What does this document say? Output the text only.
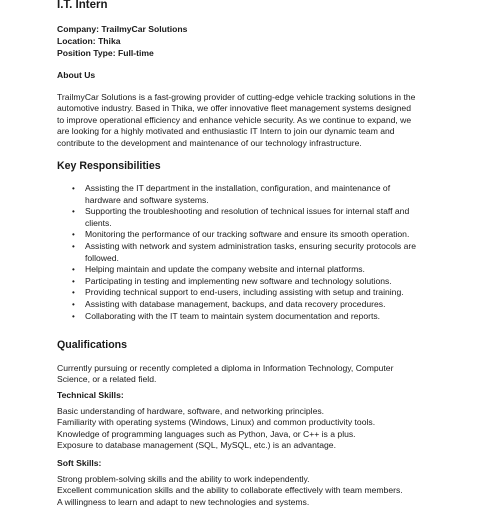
I.T. Intern
Company: TrailmyCar Solutions
Location: Thika
Position Type: Full-time
About Us
TrailmyCar Solutions is a fast-growing provider of cutting-edge vehicle tracking solutions in the
automotive industry. Based in Thika, we offer innovative fleet management systems designed
to improve operational efficiency and enhance vehicle security. As we continue to expand, we
are looking for a highly motivated and enthusiastic IT Intern to join our dynamic team and
contribute to the development and maintenance of our technology infrastructure.
Key Responsibilities
• Assisting the IT department in the installation, configuration, and maintenance of
hardware and software systems.
• Supporting the troubleshooting and resolution of technical issues for internal staff and
clients.
• Monitoring the performance of our tracking software and ensure its smooth operation.
• Assisting with network and system administration tasks, ensuring security protocols are
followed.
• Helping maintain and update the company website and internal platforms.
• Participating in testing and implementing new software and technology solutions.
• Providing technical support to end-users, including assisting with setup and training.
• Assisting with database management, backups, and data recovery procedures.
• Collaborating with the IT team to maintain system documentation and reports.
Qualifications
Currently pursuing or recently completed a diploma in Information Technology, Computer
Science, or a related field.
Technical Skills:
Basic understanding of hardware, software, and networking principles.
Familiarity with operating systems (Windows, Linux) and common productivity tools.
Knowledge of programming languages such as Python, Java, or C++ is a plus.
Exposure to database management (SQL, MySQL, etc.) is an advantage.
Soft Skills:
Strong problem-solving skills and the ability to work independently.
Excellent communication skills and the ability to collaborate effectively with team members.
A willingness to learn and adapt to new technologies and systems.
